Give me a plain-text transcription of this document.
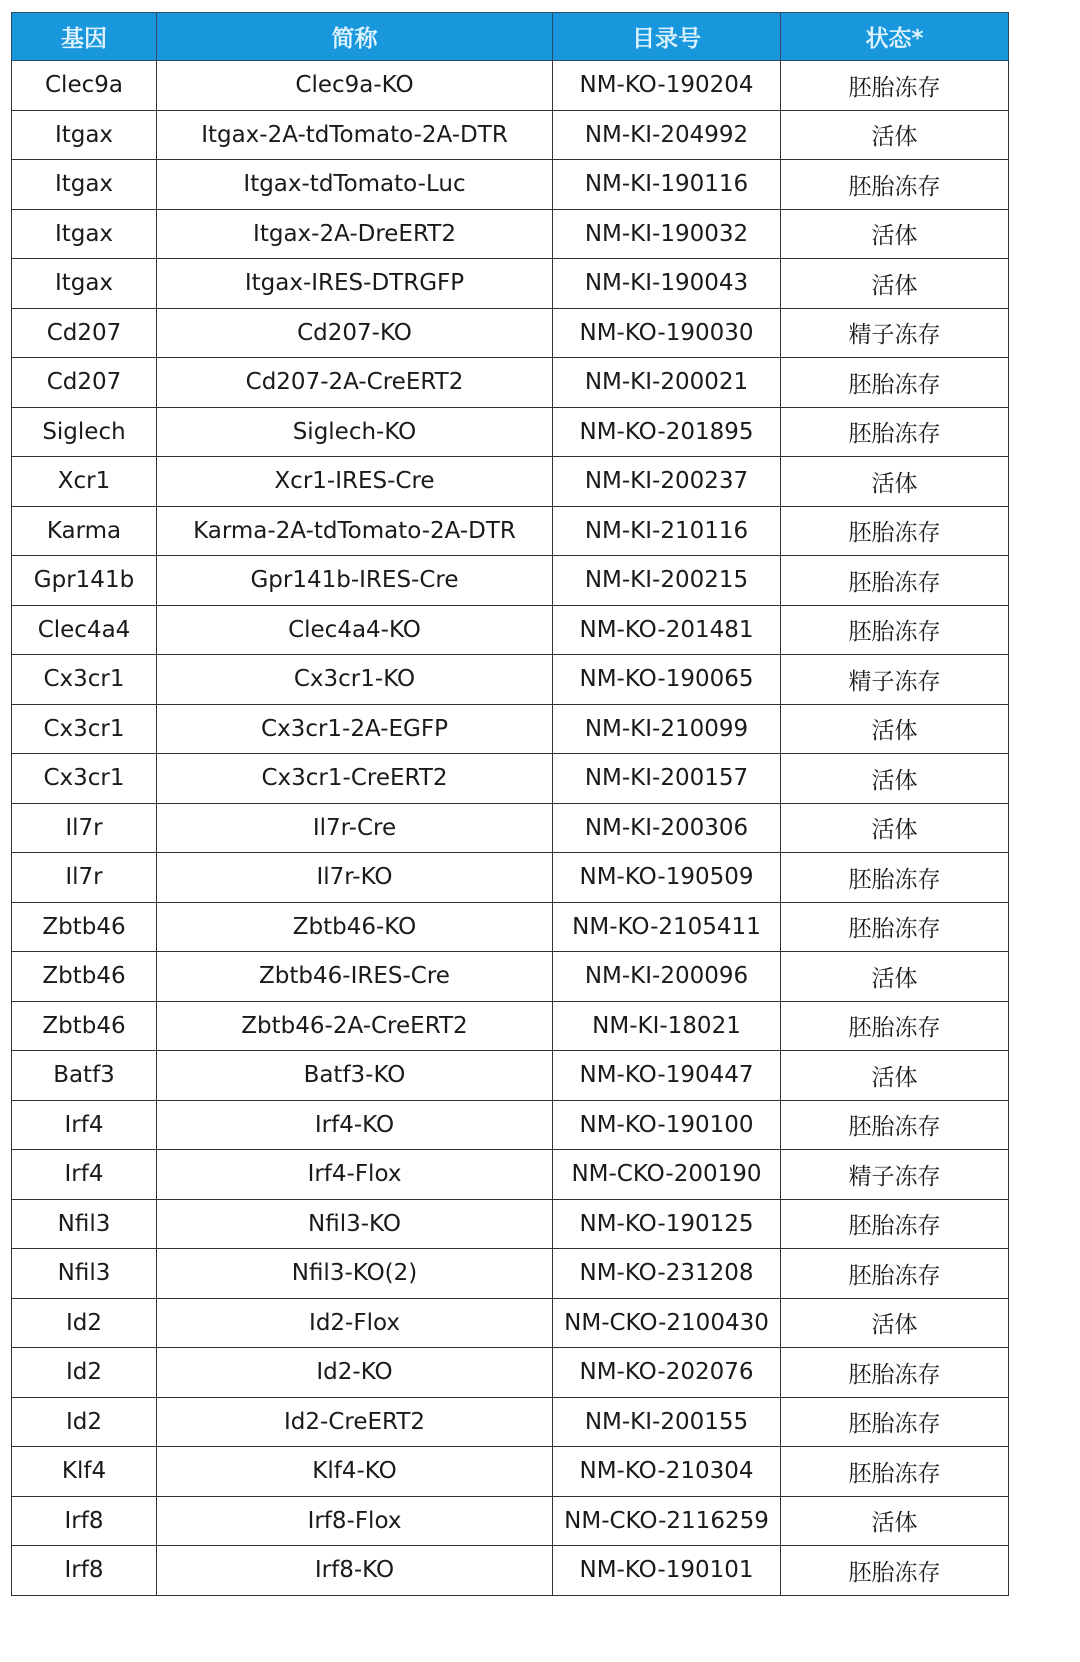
基因	简称	目录号	状态*
Clec9a	Clec9a-KO	NM-KO-190204	胚胎冻存
Itgax	Itgax-2A-tdTomato-2A-DTR	NM-KI-204992	活体
Itgax	Itgax-tdTomato-Luc	NM-KI-190116	胚胎冻存
Itgax	Itgax-2A-DreERT2	NM-KI-190032	活体
Itgax	Itgax-IRES-DTRGFP	NM-KI-190043	活体
Cd207	Cd207-KO	NM-KO-190030	精子冻存
Cd207	Cd207-2A-CreERT2	NM-KI-200021	胚胎冻存
Siglech	Siglech-KO	NM-KO-201895	胚胎冻存
Xcr1	Xcr1-IRES-Cre	NM-KI-200237	活体
Karma	Karma-2A-tdTomato-2A-DTR	NM-KI-210116	胚胎冻存
Gpr141b	Gpr141b-IRES-Cre	NM-KI-200215	胚胎冻存
Clec4a4	Clec4a4-KO	NM-KO-201481	胚胎冻存
Cx3cr1	Cx3cr1-KO	NM-KO-190065	精子冻存
Cx3cr1	Cx3cr1-2A-EGFP	NM-KI-210099	活体
Cx3cr1	Cx3cr1-CreERT2	NM-KI-200157	活体
Il7r	Il7r-Cre	NM-KI-200306	活体
Il7r	Il7r-KO	NM-KO-190509	胚胎冻存
Zbtb46	Zbtb46-KO	NM-KO-2105411	胚胎冻存
Zbtb46	Zbtb46-IRES-Cre	NM-KI-200096	活体
Zbtb46	Zbtb46-2A-CreERT2	NM-KI-18021	胚胎冻存
Batf3	Batf3-KO	NM-KO-190447	活体
Irf4	Irf4-KO	NM-KO-190100	胚胎冻存
Irf4	Irf4-Flox	NM-CKO-200190	精子冻存
Nfil3	Nfil3-KO	NM-KO-190125	胚胎冻存
Nfil3	Nfil3-KO(2)	NM-KO-231208	胚胎冻存
Id2	Id2-Flox	NM-CKO-2100430	活体
Id2	Id2-KO	NM-KO-202076	胚胎冻存
Id2	Id2-CreERT2	NM-KI-200155	胚胎冻存
Klf4	Klf4-KO	NM-KO-210304	胚胎冻存
Irf8	Irf8-Flox	NM-CKO-2116259	活体
Irf8	Irf8-KO	NM-KO-190101	胚胎冻存
